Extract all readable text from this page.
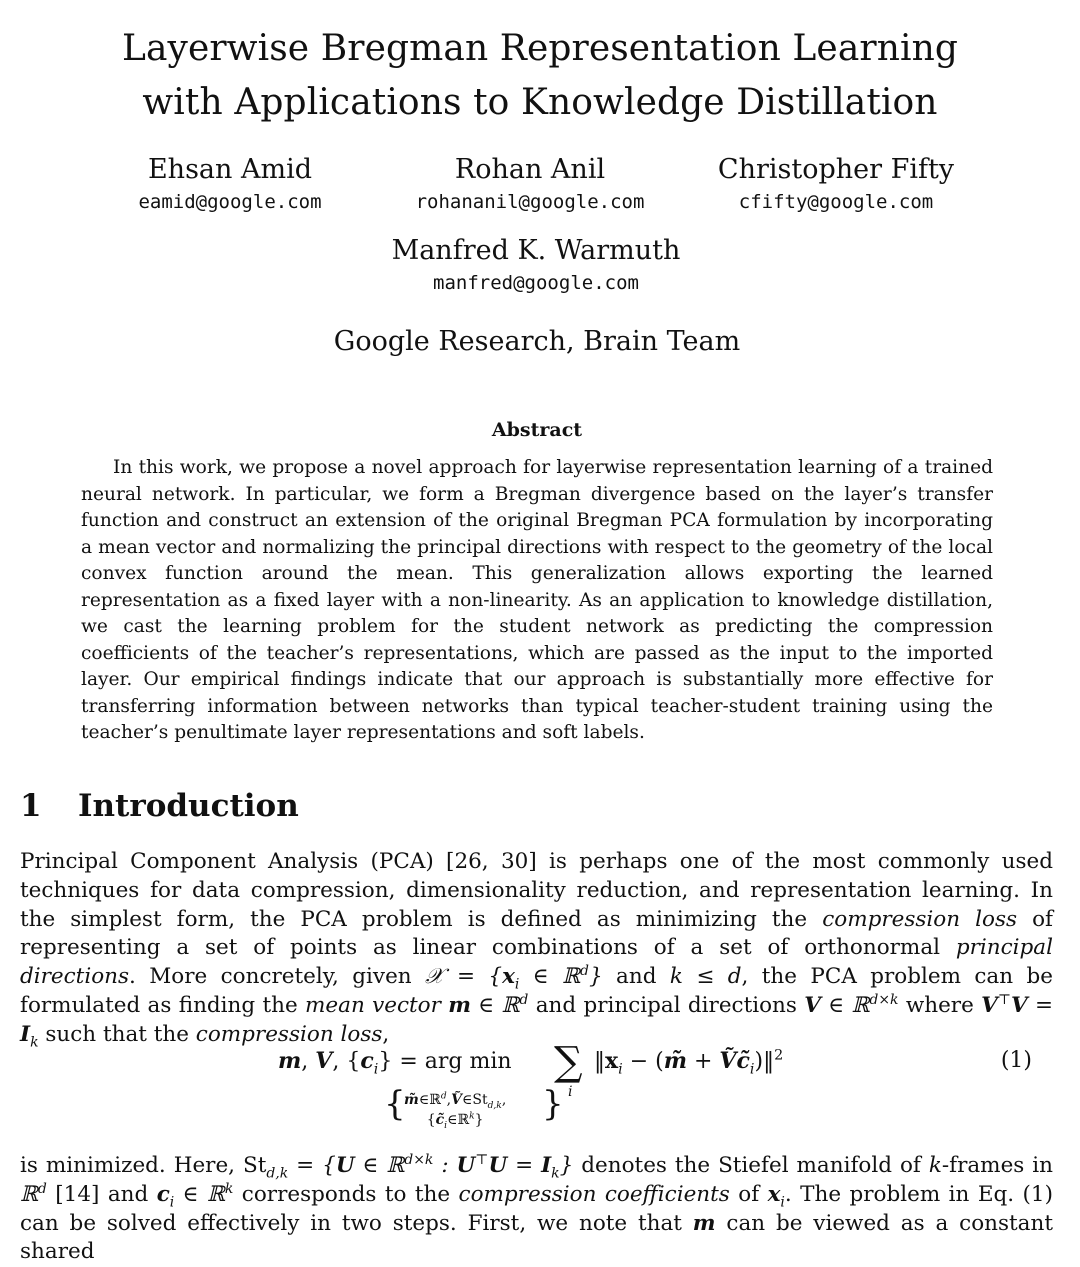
Layerwise Bregman Representation Learning
with Applications to Knowledge Distillation
Ehsan Amid
eamid@google.com
Rohan Anil
rohananil@google.com
Christopher Fifty
cfifty@google.com
Manfred K. Warmuth
manfred@google.com
Google Research, Brain Team
Abstract

In this work, we propose a novel approach for layerwise representation learning of a trained neural network. In particular, we form a Bregman divergence based on the layer’s transfer function and construct an extension of the original Bregman PCA formulation by incorporating a mean vector and normalizing the principal directions with respect to the geometry of the local convex function around the mean. This generalization allows exporting the learned representation as a fixed layer with a non-linearity. As an application to knowledge distillation, we cast the learning problem for the student network as predicting the compression coefficients of the teacher’s representations, which are passed as the input to the imported layer. Our empirical findings indicate that our approach is substantially more effective for transferring information between networks than typical teacher-student training using the teacher’s penultimate layer representations and soft labels.

1 Introduction

Principal Component Analysis (PCA) [26, 30] is perhaps one of the most commonly used techniques for data compression, dimensionality reduction, and representation learning. In the simplest form, the PCA problem is defined as minimizing the compression loss of representing a set of points as linear combinations of a set of orthonormal principal directions. More concretely, given 𝒳 = {$x_i$ ∈ ℝ$^d$} and k ≤ d, the PCA problem can be formulated as finding the mean vector m ∈ ℝ$^d$ and principal directions V ∈ ℝ$^{d\times k}$ where $V^⊤V = I_k$ such that the compression loss,

m, V, $\{c_i\}$ = arg min
{
$m̃\in ℝ^d,Ṽ\in St_{d,k}$,
$\{c̃_i\in ℝ^k\}$	}
∑
i
$‖x_i$ − (m̃ + $Ṽc̃_i)‖^2$	(1)

is minimized. Here, $St_{d,k} = \{U$ ∈ ℝ$^{d\times k}$ : $U^⊤U = I_k$} denotes the Stiefel manifold of k-frames in ℝ$^d$ [14] and $c_i$ ∈ ℝ$^k$ corresponds to the compression coefficients of $x_i$. The problem in Eq. (1) can be solved effectively in two steps. First, we note that m can be viewed as a constant shared
